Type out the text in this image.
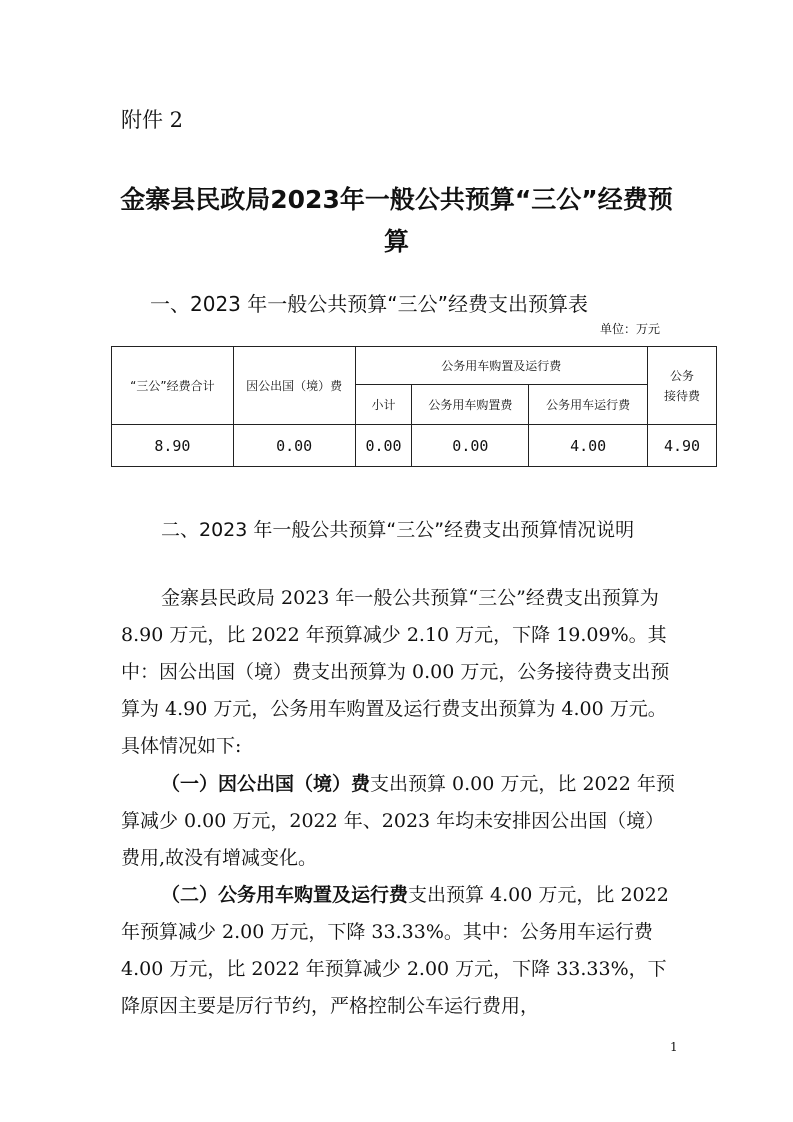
附件 2
金寨县民政局2023年一般公共预算“三公”经费预
算
一、2023 年一般公共预算“三公”经费支出预算表
单位：万元
“三公”经费合计	因公出国（境）费	公务用车购置及运行费			公务
接待费
		小计	公务用车购置费	公务用车运行费	
8.90	0.00	0.00	0.00	4.00	4.90
二、2023 年一般公共预算“三公”经费支出预算情况说明
金寨县民政局 2023 年一般公共预算“三公”经费支出预算为 8.90 万元，比 2022 年预算减少 2.10 万元，下降 19.09%。其中：因公出国（境）费支出预算为 0.00 万元，公务接待费支出预算为 4.90 万元，公务用车购置及运行费支出预算为 4.00 万元。具体情况如下:
（一）因公出国（境）费支出预算 0.00 万元，比 2022 年预算减少 0.00 万元，2022 年、2023 年均未安排因公出国（境）费用,故没有增减变化。
（二）公务用车购置及运行费支出预算 4.00 万元，比 2022 年预算减少 2.00 万元，下降 33.33%。其中：公务用车运行费 4.00 万元，比 2022 年预算减少 2.00 万元，下降 33.33%，下降原因主要是厉行节约，严格控制公车运行费用，
1
